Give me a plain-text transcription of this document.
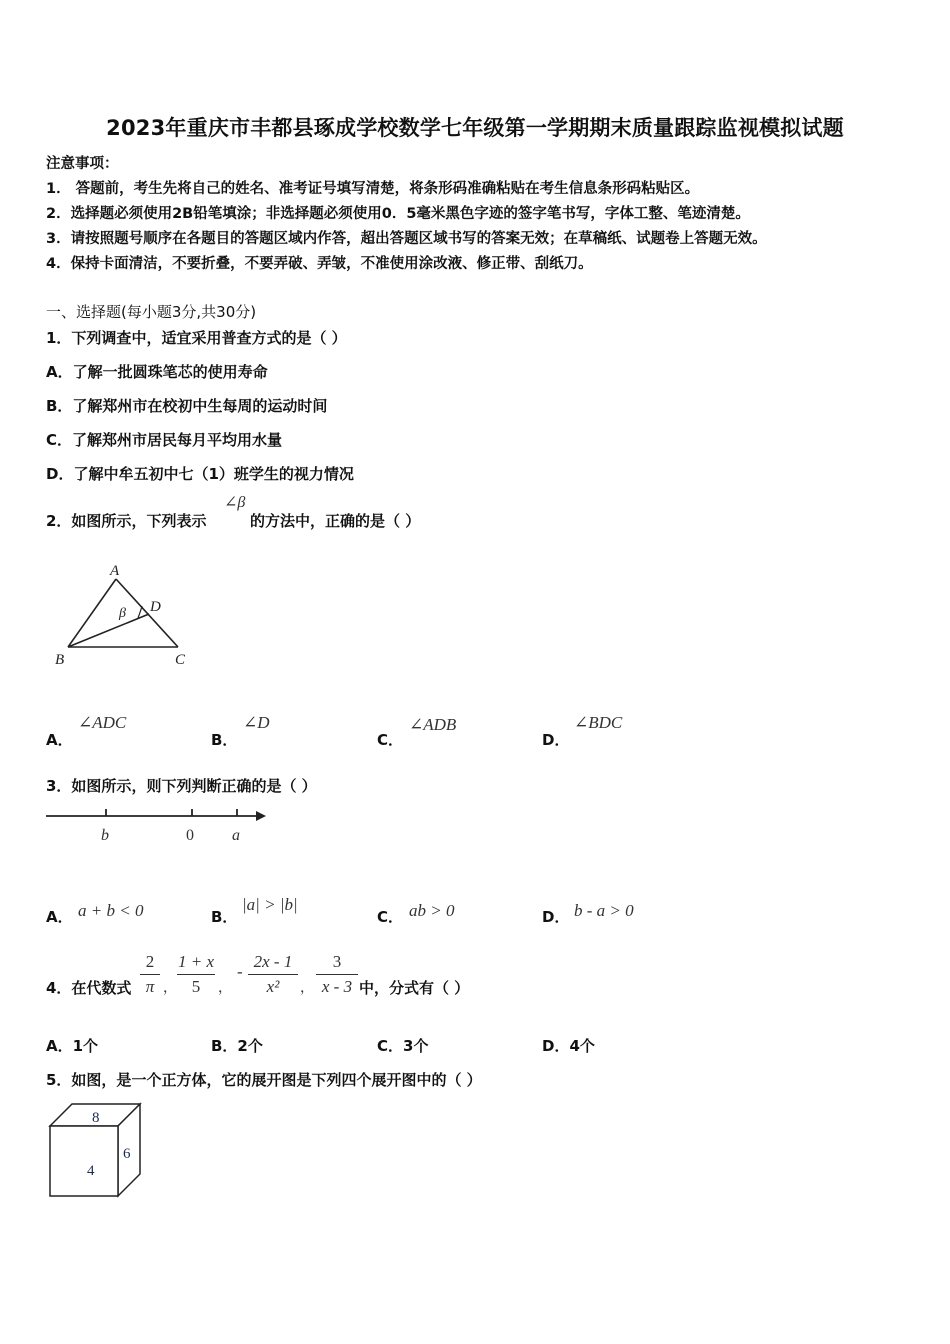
2023年重庆市丰都县琢成学校数学七年级第一学期期末质量跟踪监视模拟试题
注意事项：
1． 答题前，考生先将自己的姓名、准考证号填写清楚，将条形码准确粘贴在考生信息条形码粘贴区。
2．选择题必须使用2B铅笔填涂；非选择题必须使用0．5毫米黑色字迹的签字笔书写，字体工整、笔迹清楚。
3．请按照题号顺序在各题目的答题区域内作答，超出答题区域书写的答案无效；在草稿纸、试题卷上答题无效。
4．保持卡面清洁，不要折叠，不要弄破、弄皱，不准使用涂改液、修正带、刮纸刀。
一、选择题(每小题3分,共30分)
1．下列调查中，适宜采用普查方式的是（ ）
A．了解一批圆珠笔芯的使用寿命
B．了解郑州市在校初中生每周的运动时间
C．了解郑州市居民每月平均用水量
D．了解中牟五初中七（1）班学生的视力情况
2．如图所示，下列表示
∠β
的方法中，正确的是（ ）
A
B	C
D
β
A．
∠ADC
B．
∠D
C．
∠ADB
D．
∠BDC
3．如图所示，则下列判断正确的是（ ）
b	0 a
A． a + b < 0	B．
|a| > |b|
C． ab > 0	D． b - a > 0
4．在代数式
2
π ，
1 + x
5	，
-
2x - 1
x²	，
3
x - 3 中，分式有（ ）
A．1个	B．2个	C．3个	D．4个
5．如图，是一个正方体，它的展开图是下列四个展开图中的（ ）
8
4
6
